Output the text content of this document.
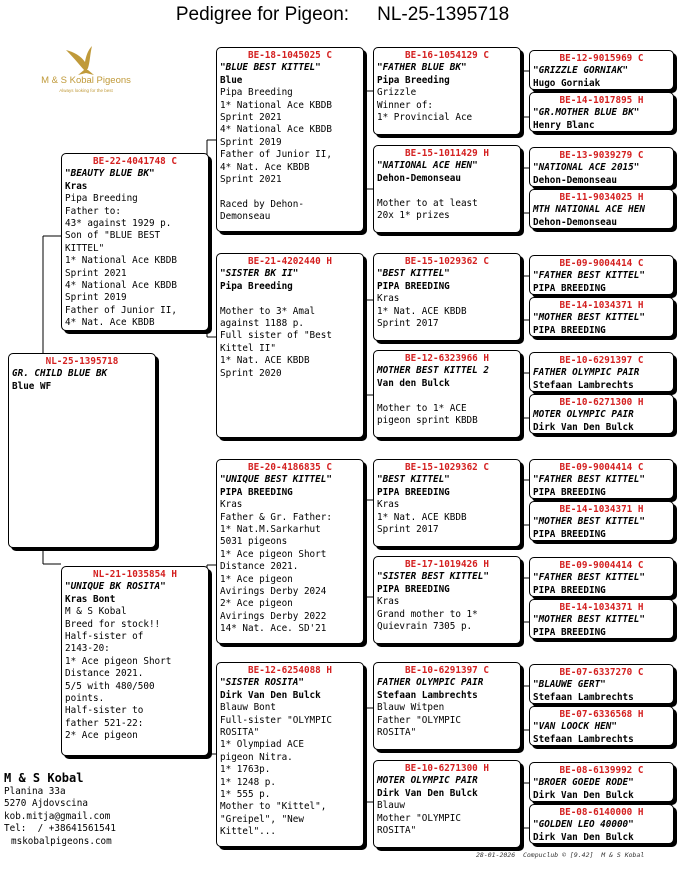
Pedigree for Pigeon: NL-25-1395718
M & S Kobal Pigeons
Always looking for the best
NL-25-1395718
GR. CHILD BLUE BK
Blue WF
BE-22-4041748 C
"BEAUTY BLUE BK"
Kras
Pipa Breeding
Father to:
43* against 1929 p.
Son of "BLUE BEST
KITTEL"
1* National Ace KBDB
Sprint 2021
4* National Ace KBDB
Sprint 2019
Father of Junior II,
4* Nat. Ace KBDB
NL-21-1035854 H
"UNIQUE BK ROSITA"
Kras Bont
M & S Kobal
Breed for stock!!
Half-sister of
2143-20:
1* Ace pigeon Short
Distance 2021.
5/5 with 480/500
points.
Half-sister to
father 521-22:
2* Ace pigeon
BE-18-1045025 C
"BLUE BEST KITTEL"
Blue
Pipa Breeding
1* National Ace KBDB
Sprint 2021
4* National Ace KBDB
Sprint 2019
Father of Junior II,
4* Nat. Ace KBDB
Sprint 2021

Raced by Dehon-
Demonseau
BE-21-4202440 H
"SISTER BK II"
Pipa Breeding

Mother to 3* Amal
against 1188 p.
Full sister of "Best
Kittel II"
1* Nat. ACE KBDB
Sprint 2020
BE-20-4186835 C
"UNIQUE BEST KITTEL"
PIPA BREEDING
Kras
Father & Gr. Father:
1* Nat.M.Sarkarhut
5031 pigeons
1* Ace pigeon Short
Distance 2021.
1* Ace pigeon
Avirings Derby 2024
2* Ace pigeon
Avirings Derby 2022
14* Nat. Ace. SD'21
BE-12-6254088 H
"SISTER ROSITA"
Dirk Van Den Bulck
Blauw Bont
Full-sister "OLYMPIC
ROSITA"
1* Olympiad ACE
pigeon Nitra.
1* 1763p.
1* 1248 p.
1* 555 p.
Mother to "Kittel",
"Greipel", "New
Kittel"...
BE-16-1054129 C
"FATHER BLUE BK"
Pipa Breeding
Grizzle
Winner of:
1* Provincial Ace
BE-15-1011429 H
"NATIONAL ACE HEN"
Dehon-Demonseau

Mother to at least
20x 1* prizes
BE-15-1029362 C
"BEST KITTEL"
PIPA BREEDING
Kras
1* Nat. ACE KBDB
Sprint 2017
BE-12-6323966 H
MOTHER BEST KITTEL 2
Van den Bulck

Mother to 1* ACE
pigeon sprint KBDB
BE-15-1029362 C
"BEST KITTEL"
PIPA BREEDING
Kras
1* Nat. ACE KBDB
Sprint 2017
BE-17-1019426 H
"SISTER BEST KITTEL"
PIPA BREEDING
Kras
Grand mother to 1*
Quievrain 7305 p.
BE-10-6291397 C
FATHER OLYMPIC PAIR
Stefaan Lambrechts
Blauw Witpen
Father "OLYMPIC
ROSITA"
BE-10-6271300 H
MOTER OLYMPIC PAIR
Dirk Van Den Bulck
Blauw
Mother "OLYMPIC
ROSITA"
BE-12-9015969 C
"GRIZZLE GORNIAK"
Hugo Gorniak
BE-14-1017895 H
"GR.MOTHER BLUE BK"
Henry Blanc
BE-13-9039279 C
"NATIONAL ACE 2015"
Dehon-Demonseau
BE-11-9034025 H
MTH NATIONAL ACE HEN
Dehon-Demonseau
BE-09-9004414 C
"FATHER BEST KITTEL"
PIPA BREEDING
BE-14-1034371 H
"MOTHER BEST KITTEL"
PIPA BREEDING
BE-10-6291397 C
FATHER OLYMPIC PAIR
Stefaan Lambrechts
BE-10-6271300 H
MOTER OLYMPIC PAIR
Dirk Van Den Bulck
BE-09-9004414 C
"FATHER BEST KITTEL"
PIPA BREEDING
BE-14-1034371 H
"MOTHER BEST KITTEL"
PIPA BREEDING
BE-09-9004414 C
"FATHER BEST KITTEL"
PIPA BREEDING
BE-14-1034371 H
"MOTHER BEST KITTEL"
PIPA BREEDING
BE-07-6337270 C
"BLAUWE GERT"
Stefaan Lambrechts
BE-07-6336568 H
"VAN LOOCK HEN"
Stefaan Lambrechts
BE-08-6139992 C
"BROER GOEDE RODE"
Dirk Van Den Bulck
BE-08-6140000 H
"GOLDEN LEO 40000"
Dirk Van Den Bulck
M & S Kobal
Planina 33a
5270 Ajdovscina
kob.mitja@gmail.com
Tel:  / +38641561541
mskobalpigeons.com
28-01-2026  Compuclub © [9.42]  M & S Kobal
